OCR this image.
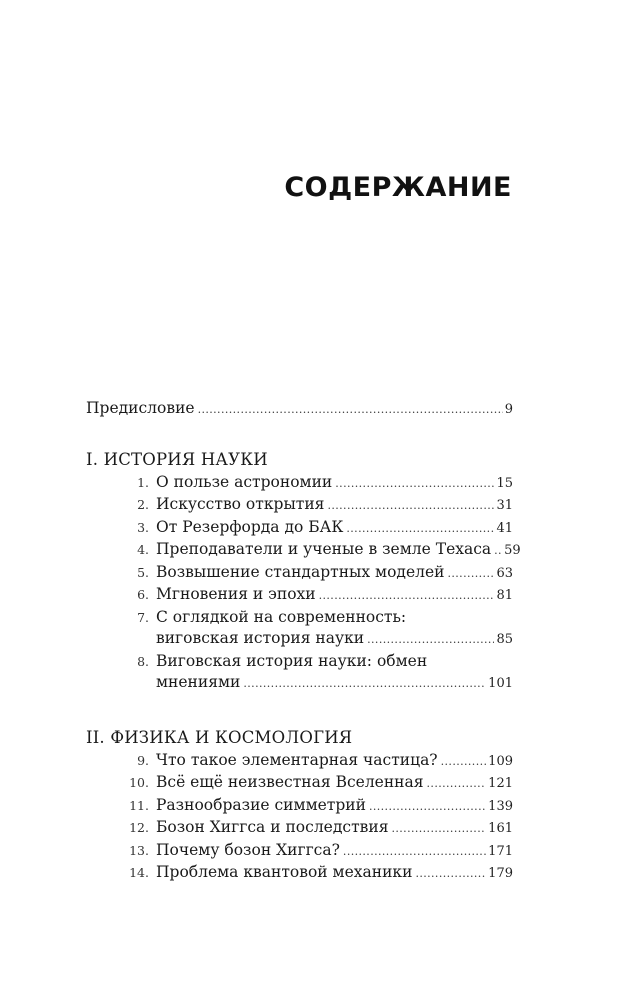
СОДЕРЖАНИЕ
Предисловие .....	9
I. ИСТОРИЯ НАУКИ
1. О пользе астрономии .....	15
2. Искусство открытия .....	31
3. От Резерфорда до БАК .....	41
4. Преподаватели и ученые в земле Техаса ..... 59
5. Возвышение стандартных моделей .....	63
6. Мгновения и эпохи .....	81
7. С оглядкой на современность:
виговская история науки .....	85
8. Виговская история науки: обмен
мнениями .....	101
II. ФИЗИКА И КОСМОЛОГИЯ
9. Что такое элементарная частица? .....	109
10. Всё ещё неизвестная Вселенная .....	121
11. Разнообразие симметрий .....	139
12. Бозон Хиггса и последствия .....	161
13. Почему бозон Хиггса? .....	171
14. Проблема квантовой механики .....	179
